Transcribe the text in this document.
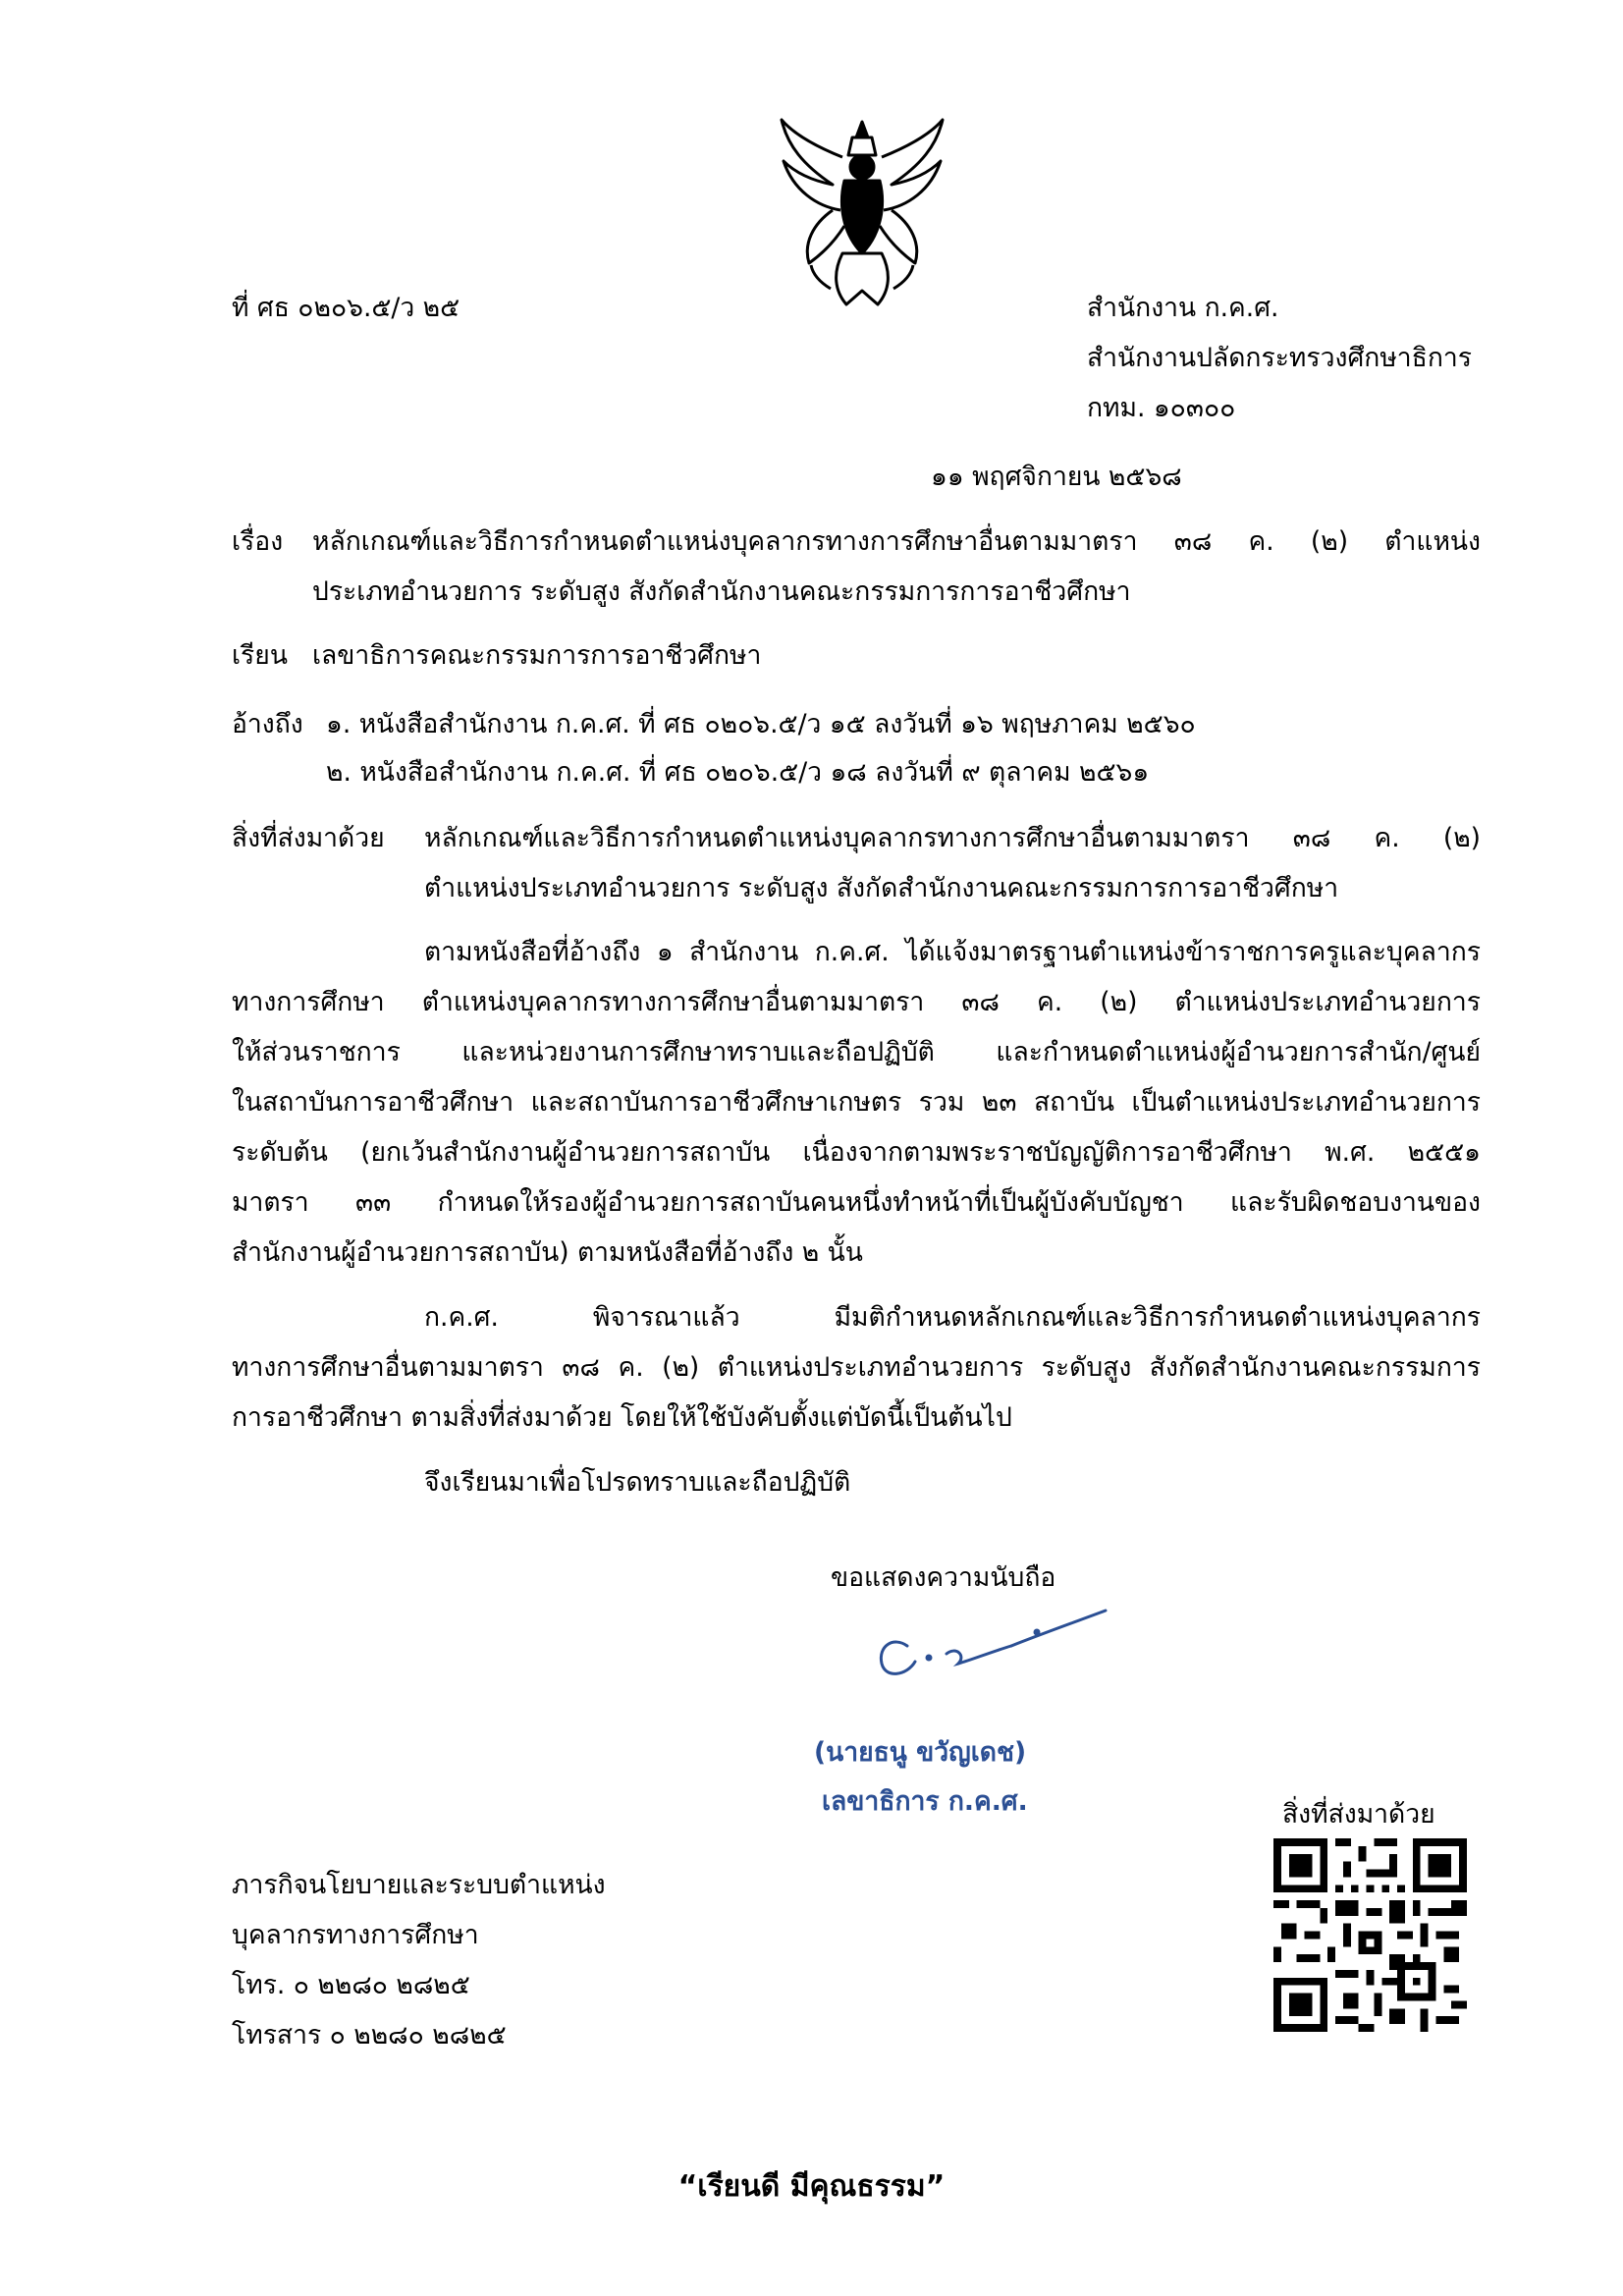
ที่ ศธ ๐๒๐๖.๕/ว ๒๕	สำนักงาน ก.ค.ศ.
สำนักงานปลัดกระทรวงศึกษาธิการ
กทม. ๑๐๓๐๐
๑๑ พฤศจิกายน ๒๕๖๘
เรื่อง หลักเกณฑ์และวิธีการกำหนดตำแหน่งบุคลากรทางการศึกษาอื่นตามมาตรา ๓๘ ค. (๒) ตำแหน่ง
ประเภทอำนวยการ ระดับสูง สังกัดสำนักงานคณะกรรมการการอาชีวศึกษา
เรียน เลขาธิการคณะกรรมการการอาชีวศึกษา
อ้างถึง ๑. หนังสือสำนักงาน ก.ค.ศ. ที่ ศธ ๐๒๐๖.๕/ว ๑๕ ลงวันที่ ๑๖ พฤษภาคม ๒๕๖๐
๒. หนังสือสำนักงาน ก.ค.ศ. ที่ ศธ ๐๒๐๖.๕/ว ๑๘ ลงวันที่ ๙ ตุลาคม ๒๕๖๑
สิ่งที่ส่งมาด้วย หลักเกณฑ์และวิธีการกำหนดตำแหน่งบุคลากรทางการศึกษาอื่นตามมาตรา ๓๘ ค. (๒)
ตำแหน่งประเภทอำนวยการ ระดับสูง สังกัดสำนักงานคณะกรรมการการอาชีวศึกษา
ตามหนังสือที่อ้างถึง ๑ สำนักงาน ก.ค.ศ. ได้แจ้งมาตรฐานตำแหน่งข้าราชการครูและบุคลากร
ทางการศึกษา ตำแหน่งบุคลากรทางการศึกษาอื่นตามมาตรา ๓๘ ค. (๒) ตำแหน่งประเภทอำนวยการ
ให้ส่วนราชการ และหน่วยงานการศึกษาทราบและถือปฏิบัติ และกำหนดตำแหน่งผู้อำนวยการสำนัก/ศูนย์
ในสถาบันการอาชีวศึกษา และสถาบันการอาชีวศึกษาเกษตร รวม ๒๓ สถาบัน เป็นตำแหน่งประเภทอำนวยการ
ระดับต้น (ยกเว้นสำนักงานผู้อำนวยการสถาบัน เนื่องจากตามพระราชบัญญัติการอาชีวศึกษา พ.ศ. ๒๕๕๑
มาตรา ๓๓ กำหนดให้รองผู้อำนวยการสถาบันคนหนึ่งทำหน้าที่เป็นผู้บังคับบัญชา และรับผิดชอบงานของ
สำนักงานผู้อำนวยการสถาบัน) ตามหนังสือที่อ้างถึง ๒ นั้น
ก.ค.ศ. พิจารณาแล้ว มีมติกำหนดหลักเกณฑ์และวิธีการกำหนดตำแหน่งบุคลากร
ทางการศึกษาอื่นตามมาตรา ๓๘ ค. (๒) ตำแหน่งประเภทอำนวยการ ระดับสูง สังกัดสำนักงานคณะกรรมการ
การอาชีวศึกษา ตามสิ่งที่ส่งมาด้วย โดยให้ใช้บังคับตั้งแต่บัดนี้เป็นต้นไป
จึงเรียนมาเพื่อโปรดทราบและถือปฏิบัติ
ขอแสดงความนับถือ
(นายธนู ขวัญเดช)
เลขาธิการ ก.ค.ศ.	สิ่งที่ส่งมาด้วย
ภารกิจนโยบายและระบบตำแหน่ง
บุคลากรทางการศึกษา
โทร. ๐ ๒๒๘๐ ๒๘๒๕
โทรสาร ๐ ๒๒๘๐ ๒๘๒๕
“เรียนดี มีคุณธรรม”
